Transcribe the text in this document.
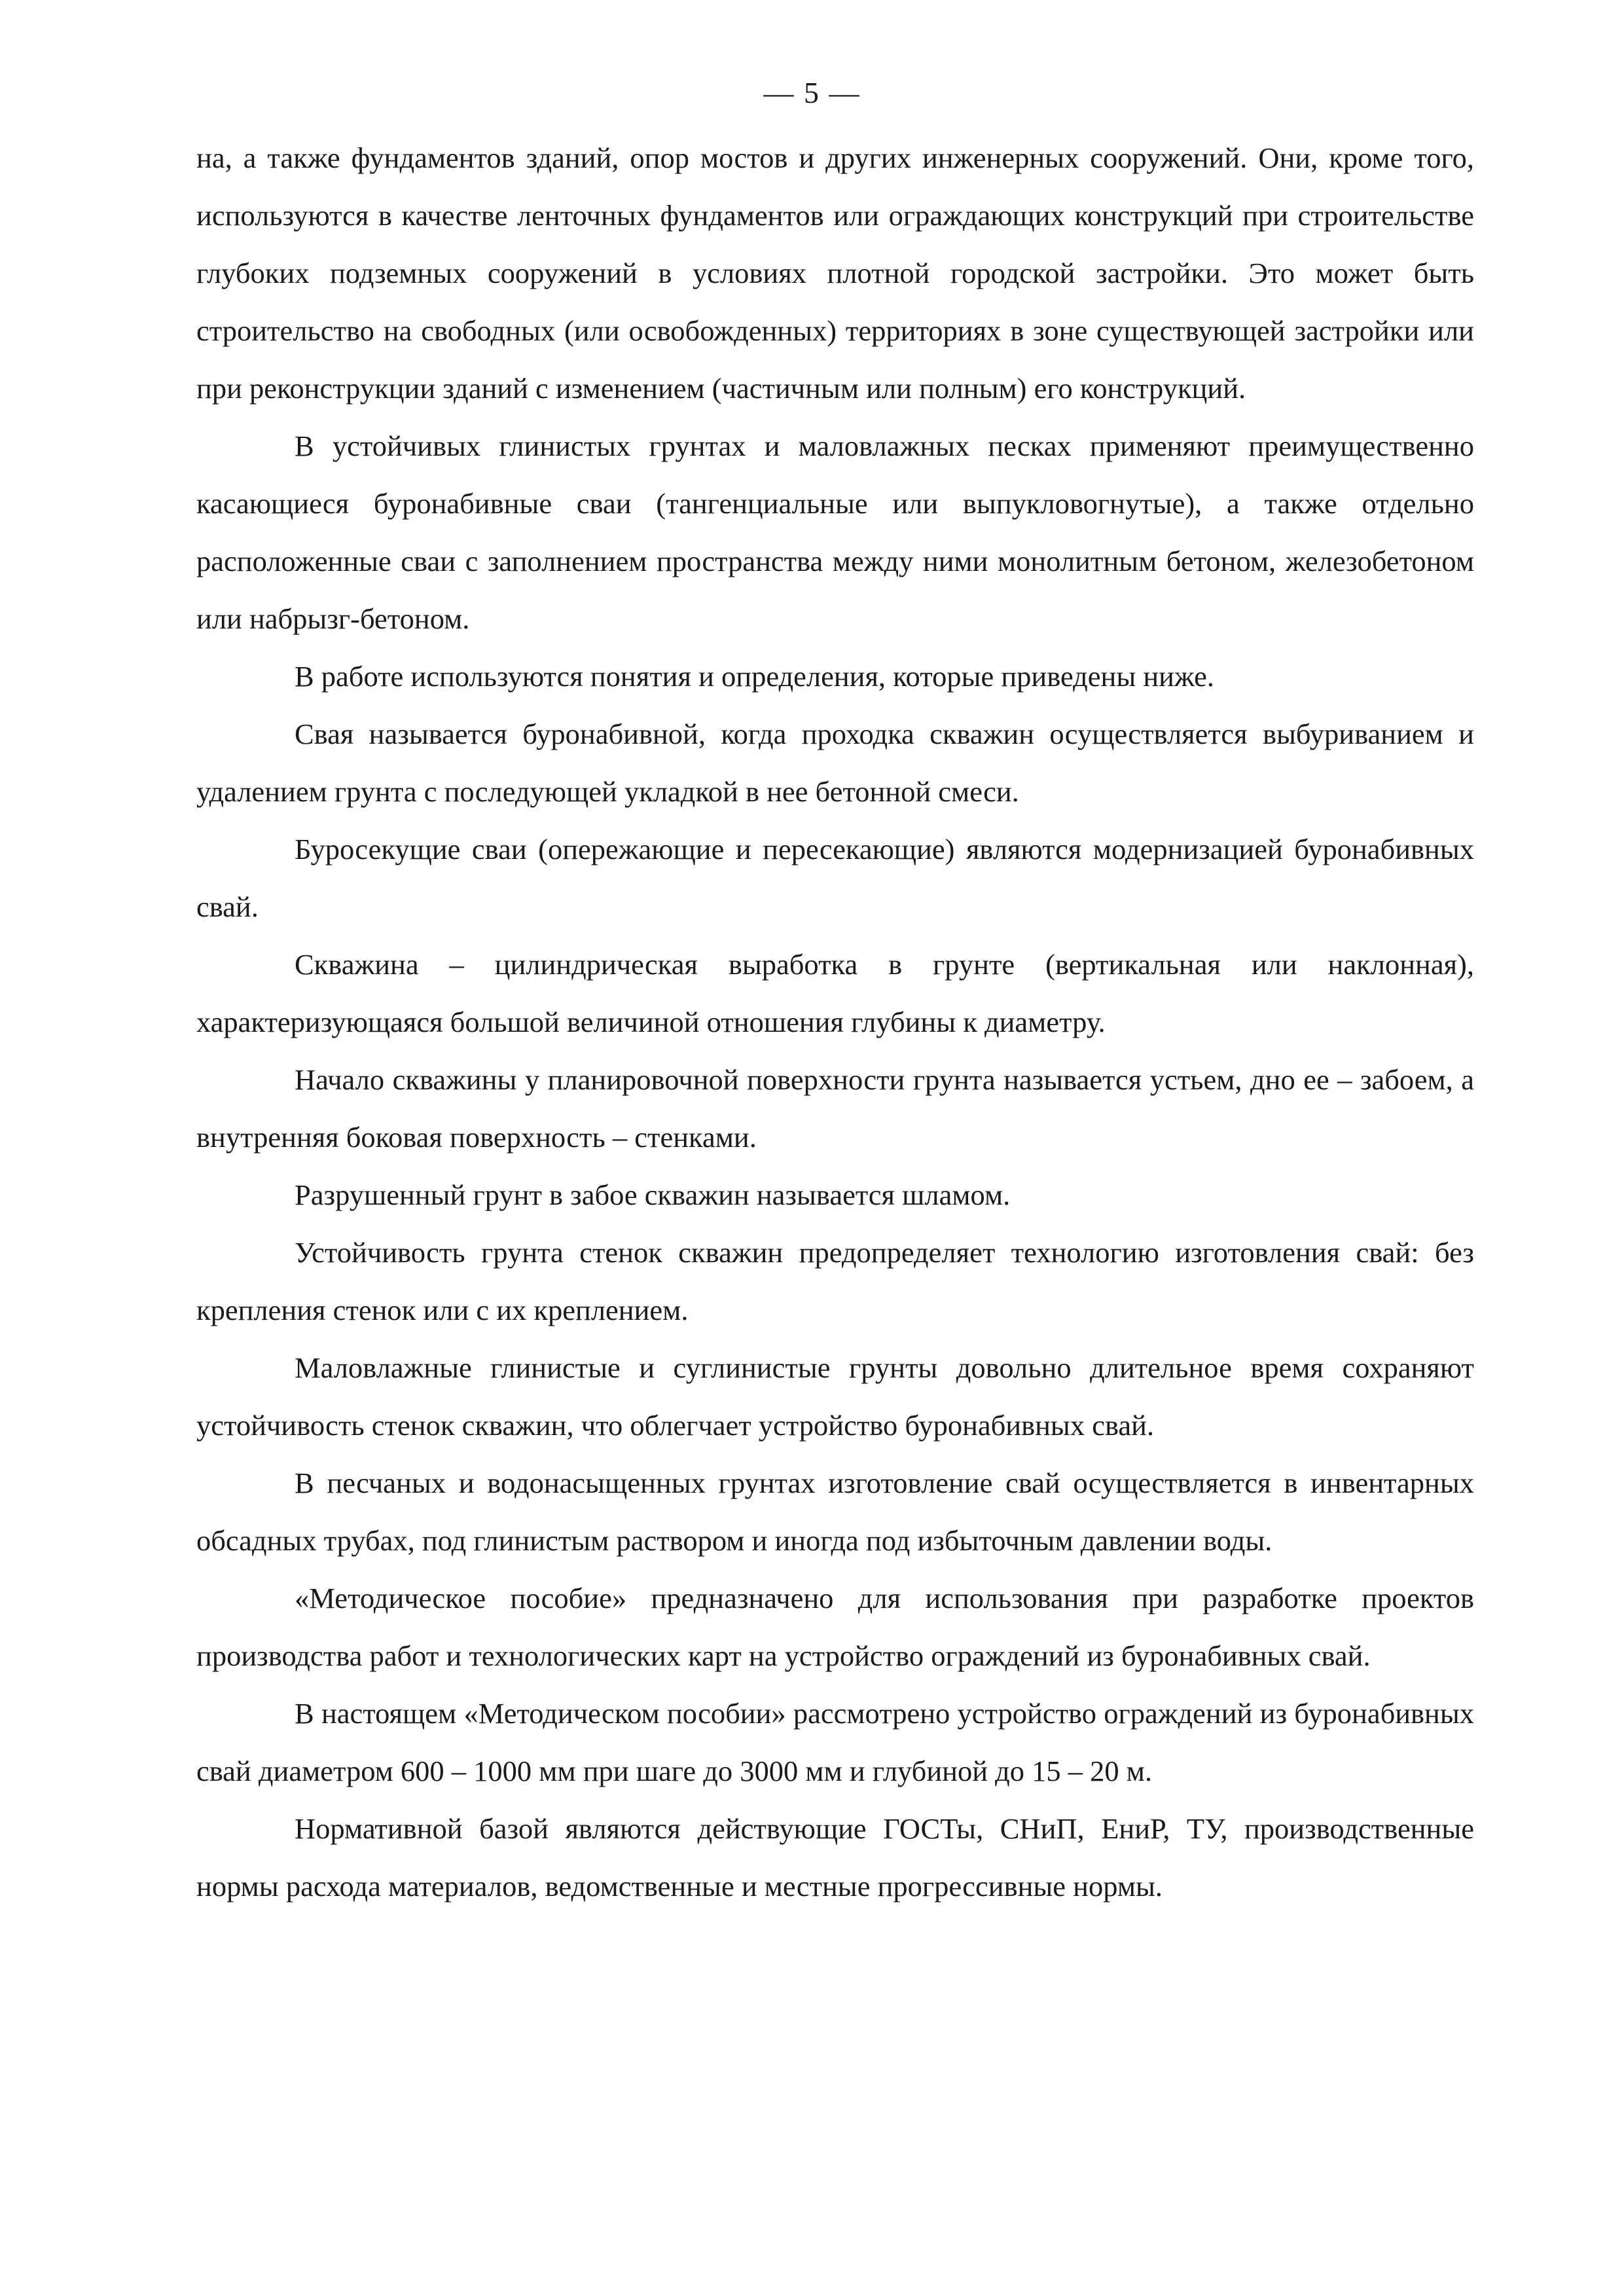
— 5 —

на, а также фундаментов зданий, опор мостов и других инженерных сооружений. Они, кроме того, используются в качестве ленточных фундаментов или ограждающих конструкций при строительстве глубоких подземных сооружений в условиях плотной городской застройки. Это может быть строительство на свободных (или освобожденных) территориях в зоне существующей застройки или при реконструкции зданий с изменением (частичным или полным) его конструкций.

В устойчивых глинистых грунтах и маловлажных песках применяют преимущественно касающиеся буронабивные сваи (тангенциальные или выпукловогнутые), а также отдельно расположенные сваи с заполнением пространства между ними монолитным бетоном, железобетоном или набрызг-бетоном.

В работе используются понятия и определения, которые приведены ниже.

Свая называется буронабивной, когда проходка скважин осуществляется выбуриванием и удалением грунта с последующей укладкой в нее бетонной смеси.

Буросекущие сваи (опережающие и пересекающие) являются модернизацией буронабивных свай.

Скважина – цилиндрическая выработка в грунте (вертикальная или наклонная), характеризующаяся большой величиной отношения глубины к диаметру.

Начало скважины у планировочной поверхности грунта называется устьем, дно ее – забоем, а внутренняя боковая поверхность – стенками.

Разрушенный грунт в забое скважин называется шламом.

Устойчивость грунта стенок скважин предопределяет технологию изготовления свай: без крепления стенок или с их креплением.

Маловлажные глинистые и суглинистые грунты довольно длительное время сохраняют устойчивость стенок скважин, что облегчает устройство буронабивных свай.

В песчаных и водонасыщенных грунтах изготовление свай осуществляется в инвентарных обсадных трубах, под глинистым раствором и иногда под избыточным давлении воды.

«Методическое пособие» предназначено для использования при разработке проектов производства работ и технологических карт на устройство ограждений из буронабивных свай.

В настоящем «Методическом пособии» рассмотрено устройство ограждений из буронабивных свай диаметром 600 – 1000 мм при шаге до 3000 мм и глубиной до 15 – 20 м.

Нормативной базой являются действующие ГОСТы, СНиП, ЕниР, ТУ, производственные нормы расхода материалов, ведомственные и местные прогрессивные нормы.
